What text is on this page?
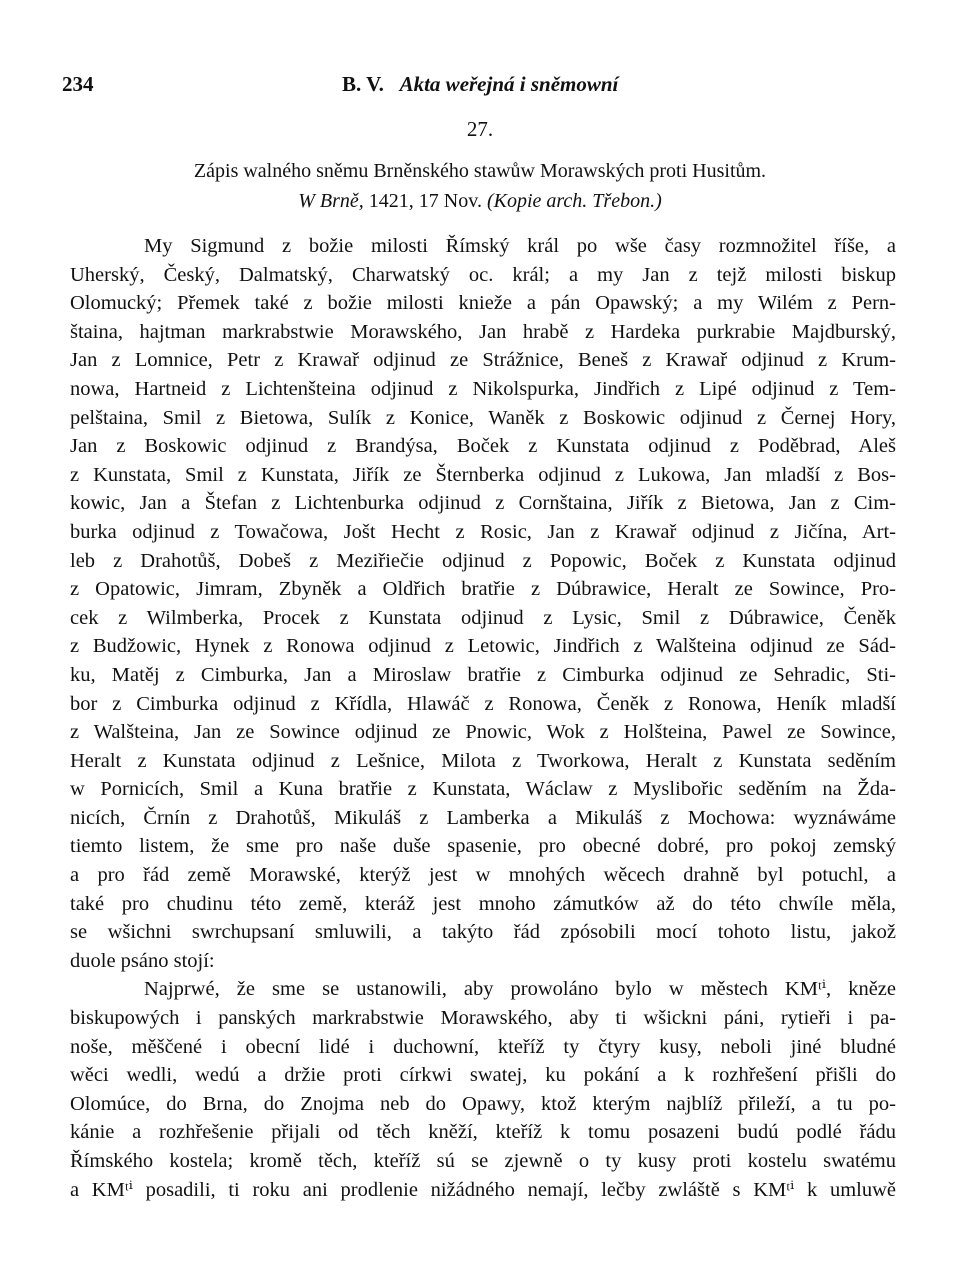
234	B. V. Akta weřejná i sněmowní
27.
Zápis walného sněmu Brněnského stawůw Morawských proti Husitům.
W Brně, 1421, 17 Nov. (Kopie arch. Třebon.)
My Sigmund z božie milosti Římský král po wše časy rozmnožitel říše, a
Uherský, Český, Dalmatský, Charwatský oc. král; a my Jan z tejž milosti biskup
Olomucký; Přemek také z božie milosti knieže a pán Opawský; a my Wilém z Pern-
štaina, hajtman markrabstwie Morawského, Jan hrabě z Hardeka purkrabie Majdburský,
Jan z Lomnice, Petr z Krawař odjinud ze Strážnice, Beneš z Krawař odjinud z Krum-
nowa, Hartneid z Lichtenšteina odjinud z Nikolspurka, Jindřich z Lipé odjinud z Tem-
pelštaina, Smil z Bietowa, Sulík z Konice, Waněk z Boskowic odjinud z Černej Hory,
Jan z Boskowic odjinud z Brandýsa, Boček z Kunstata odjinud z Poděbrad, Aleš
z Kunstata, Smil z Kunstata, Jiřík ze Šternberka odjinud z Lukowa, Jan mladší z Bos-
kowic, Jan a Štefan z Lichtenburka odjinud z Cornštaina, Jiřík z Bietowa, Jan z Cim-
burka odjinud z Towačowa, Jošt Hecht z Rosic, Jan z Krawař odjinud z Jičína, Art-
leb z Drahotůš, Dobeš z Meziřiečie odjinud z Popowic, Boček z Kunstata odjinud
z Opatowic, Jimram, Zbyněk a Oldřich bratřie z Dúbrawice, Heralt ze Sowince, Pro-
cek z Wilmberka, Procek z Kunstata odjinud z Lysic, Smil z Dúbrawice, Čeněk
z Budžowic, Hynek z Ronowa odjinud z Letowic, Jindřich z Walšteina odjinud ze Sád-
ku, Matěj z Cimburka, Jan a Miroslaw bratřie z Cimburka odjinud ze Sehradic, Sti-
bor z Cimburka odjinud z Křídla, Hlawáč z Ronowa, Čeněk z Ronowa, Heník mladší
z Walšteina, Jan ze Sowince odjinud ze Pnowic, Wok z Holšteina, Pawel ze Sowince,
Heralt z Kunstata odjinud z Lešnice, Milota z Tworkowa, Heralt z Kunstata seděním
w Pornicích, Smil a Kuna bratřie z Kunstata, Wáclaw z Myslibořic seděním na Žda-
nicích, Črnín z Drahotůš, Mikuláš z Lamberka a Mikuláš z Mochowa: wyznáwáme
tiemto listem, že sme pro naše duše spasenie, pro obecné dobré, pro pokoj zemský
a pro řád země Morawské, kterýž jest w mnohých wěcech drahně byl potuchl, a
také pro chudinu této země, kteráž jest mnoho zámutków až do této chwíle měla,
se wšichni swrchupsaní smluwili, a takýto řád zpósobili mocí tohoto listu, jakož
duole psáno stojí:
Najprwé, že sme se ustanowili, aby prowoláno bylo w městech KMᵗⁱ, kněze
biskupowých i panských markrabstwie Morawského, aby ti wšickni páni, rytieři i pa-
noše, měščené i obecní lidé i duchowní, kteříž ty čtyry kusy, neboli jiné bludné
wěci wedli, wedú a držie proti církwi swatej, ku pokání a k rozhřešení přišli do
Olomúce, do Brna, do Znojma neb do Opawy, ktož kterým najblíž přileží, a tu po-
kánie a rozhřešenie přijali od těch kněží, kteříž k tomu posazeni budú podlé řádu
Římského kostela; kromě těch, kteříž sú se zjewně o ty kusy proti kostelu swatému
a KMᵗⁱ posadili, ti roku ani prodlenie nižádného nemají, lečby zwláště s KMᵗⁱ k umluwě
